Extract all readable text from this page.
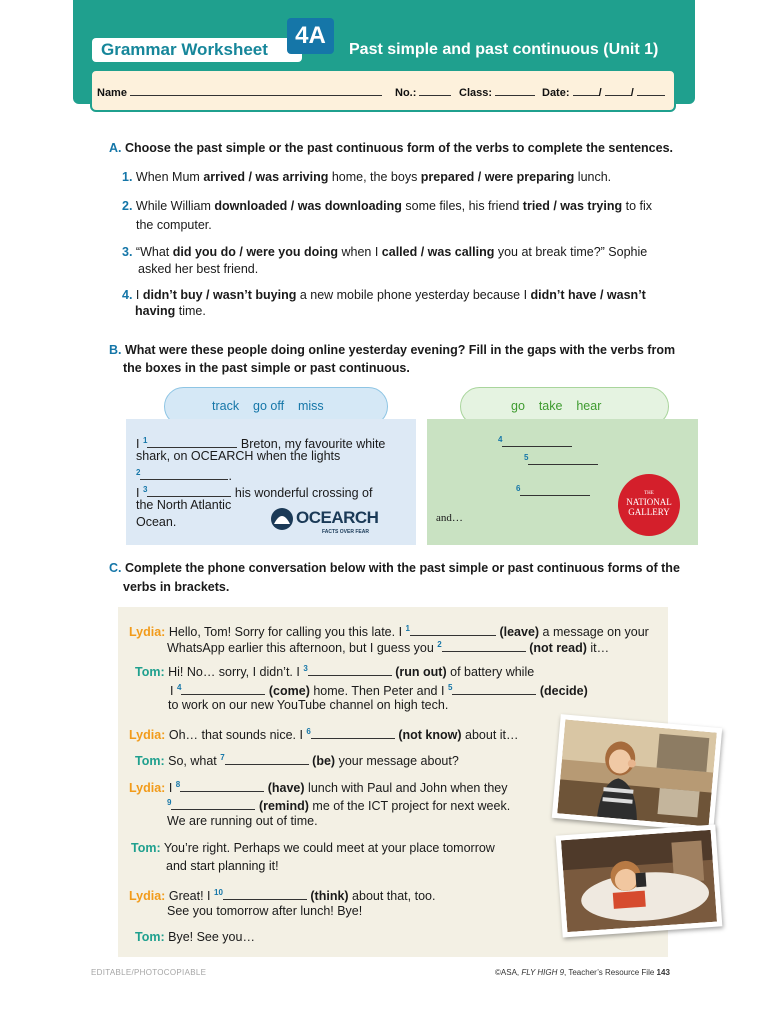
Grammar Worksheet
4A
Past simple and past continuous (Unit 1)
Name	No.:	Class:	Date:	/	/
A. Choose the past simple or the past continuous form of the verbs to complete the sentences.
1. When Mum arrived / was arriving home, the boys prepared / were preparing lunch.
2. While William downloaded / was downloading some files, his friend tried / was trying to fix
the computer.
3. “What did you do / were you doing when I called / was calling you at break time?” Sophie
asked her best friend.
4. I didn’t buy / wasn’t buying a new mobile phone yesterday because I didn’t have / wasn’t
having time.
B. What were these people doing online yesterday evening? Fill in the gaps with the verbs from
the boxes in the past simple or past continuous.
track go off miss	go take hear
I $^1$	Breton, my favourite white
shark, on OCEARCH when the lights
$^2$	.
I $^3$	his wonderful crossing of
the North Atlantic
Ocean.	OCEARCH
FACTS OVER FEAR
$^4$
$^5$
$^6$
and…
THE
NATIONAL
GALLERY
C. Complete the phone conversation below with the past simple or past continuous forms of the
verbs in brackets.
Lydia: Hello, Tom! Sorry for calling you this late. I $^1$	(leave) a message on your
WhatsApp earlier this afternoon, but I guess you $^2$	(not read) it…
Tom: Hi! No… sorry, I didn’t. I $^3$	(run out) of battery while
I $^4$	(come) home. Then Peter and I $^5$	(decide)
to work on our new YouTube channel on high tech.
Lydia: Oh… that sounds nice. I $^6$	(not know) about it…
Tom: So, what $^7$	(be) your message about?
Lydia: I $^8$	(have) lunch with Paul and John when they
$^9$	(remind) me of the ICT project for next week.
We are running out of time.
Tom: You’re right. Perhaps we could meet at your place tomorrow
and start planning it!
Lydia: Great! I $^{10}$	(think) about that, too.
See you tomorrow after lunch! Bye!
Tom: Bye! See you…
EDITABLE/PHOTOCOPIABLE	©ASA, FLY HIGH 9, Teacher’s Resource File 143
